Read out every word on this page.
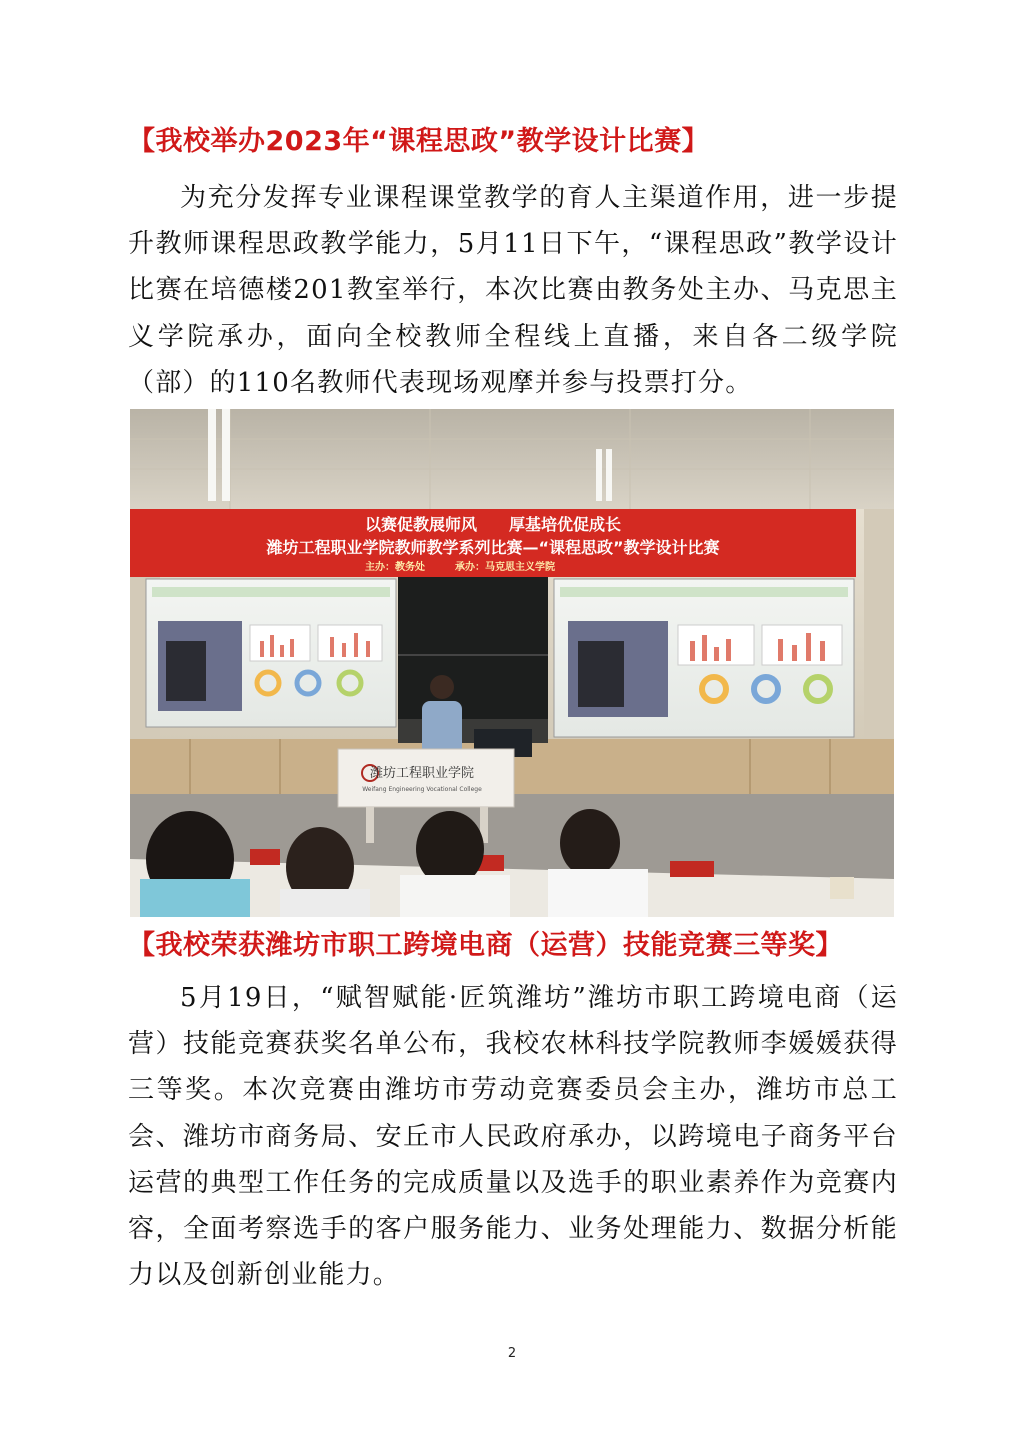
【我校举办2023年“课程思政”教学设计比赛】

为充分发挥专业课程课堂教学的育人主渠道作用，进一步提升教师课程思政教学能力，5月11日下午，“课程思政”教学设计比赛在培德楼201教室举行，本次比赛由教务处主办、马克思主义学院承办，面向全校教师全程线上直播，来自各二级学院（部）的110名教师代表现场观摩并参与投票打分。

以赛促教展师风　　厚基培优促成长
潍坊工程职业学院教师教学系列比赛—“课程思政”教学设计比赛
主办：教务处　　　承办：马克思主义学院
潍坊工程职业学院
Weifang Engineering Vocational College
【我校荣获潍坊市职工跨境电商（运营）技能竞赛三等奖】

5月19日，“赋智赋能·匠筑潍坊”潍坊市职工跨境电商（运营）技能竞赛获奖名单公布，我校农林科技学院教师李媛媛获得三等奖。本次竞赛由潍坊市劳动竞赛委员会主办，潍坊市总工会、潍坊市商务局、安丘市人民政府承办，以跨境电子商务平台运营的典型工作任务的完成质量以及选手的职业素养作为竞赛内容，全面考察选手的客户服务能力、业务处理能力、数据分析能力以及创新创业能力。

2
